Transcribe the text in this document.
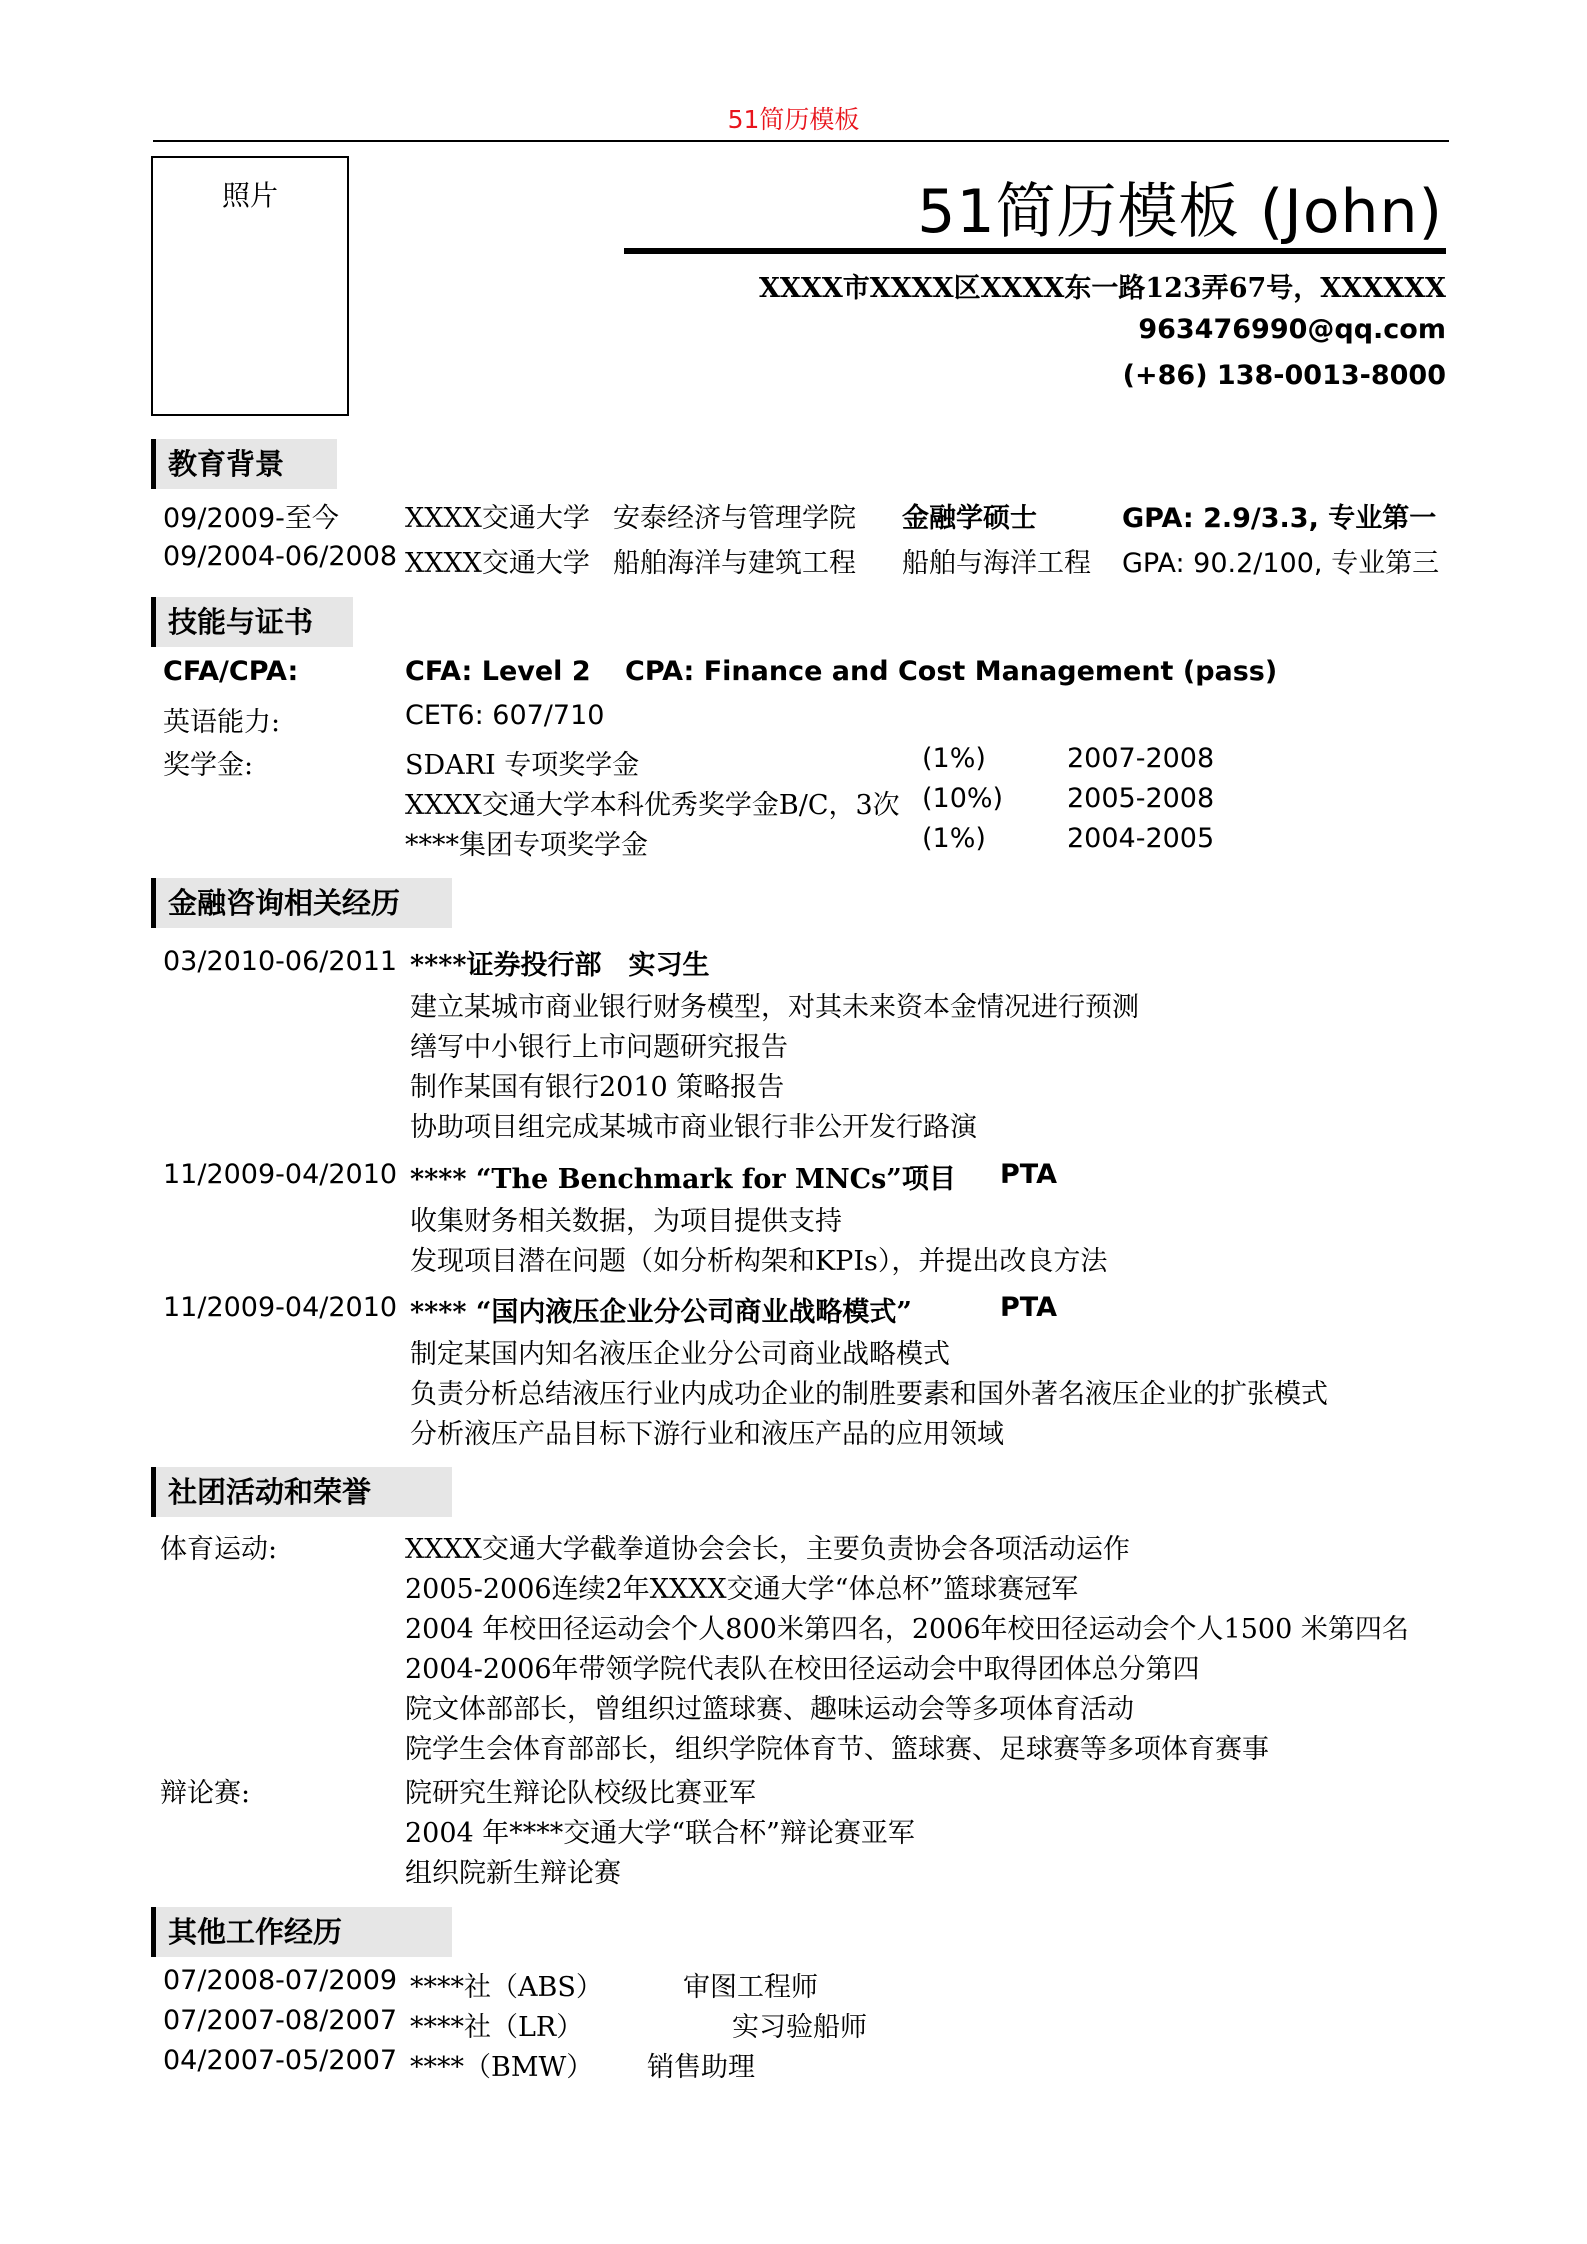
51简历模板
照片	51简历模板 (John)
XXXX市XXXX区XXXX东一路123弄67号，XXXXXX
963476990@qq.com
(+86) 138-0013-8000
教育背景
09/2009-至今 XXXX交通大学 安泰经济与管理学院 金融学硕士	GPA: 2.9/3.3, 专业第一
09/2004-06/2008 XXXX交通大学 船舶海洋与建筑工程 船舶与海洋工程 GPA: 90.2/100, 专业第三
技能与证书
CFA/CPA:	CFA: Level 2 CPA: Finance and Cost Management (pass)
英语能力:	CET6: 607/710
奖学金:	SDARI 专项奖学金	(1%)	2007-2008
XXXX交通大学本科优秀奖学金B/C，3次 (10%) 2005-2008
****集团专项奖学金	(1%)	2004-2005
金融咨询相关经历
03/2010-06/2011 ****证券投行部　实习生
建立某城市商业银行财务模型，对其未来资本金情况进行预测
缮写中小银行上市问题研究报告
制作某国有银行2010 策略报告
协助项目组完成某城市商业银行非公开发行路演
11/2009-04/2010 **** “The Benchmark for MNCs”项目 PTA
收集财务相关数据，为项目提供支持
发现项目潜在问题（如分析构架和KPIs），并提出改良方法
11/2009-04/2010 **** “国内液压企业分公司商业战略模式”	PTA
制定某国内知名液压企业分公司商业战略模式
负责分析总结液压行业内成功企业的制胜要素和国外著名液压企业的扩张模式
分析液压产品目标下游行业和液压产品的应用领域
社团活动和荣誉
体育运动:	XXXX交通大学截拳道协会会长，主要负责协会各项活动运作
2005-2006连续2年XXXX交通大学“体总杯”篮球赛冠军
2004 年校田径运动会个人800米第四名，2006年校田径运动会个人1500 米第四名
2004-2006年带领学院代表队在校田径运动会中取得团体总分第四
院文体部部长，曾组织过篮球赛、趣味运动会等多项体育活动
院学生会体育部部长，组织学院体育节、篮球赛、足球赛等多项体育赛事
辩论赛:	院研究生辩论队校级比赛亚军
2004 年****交通大学“联合杯”辩论赛亚军
组织院新生辩论赛
其他工作经历
07/2008-07/2009 ****社（ABS）	审图工程师
07/2007-08/2007 ****社（LR）	实习验船师
04/2007-05/2007 ****（BMW） 销售助理
